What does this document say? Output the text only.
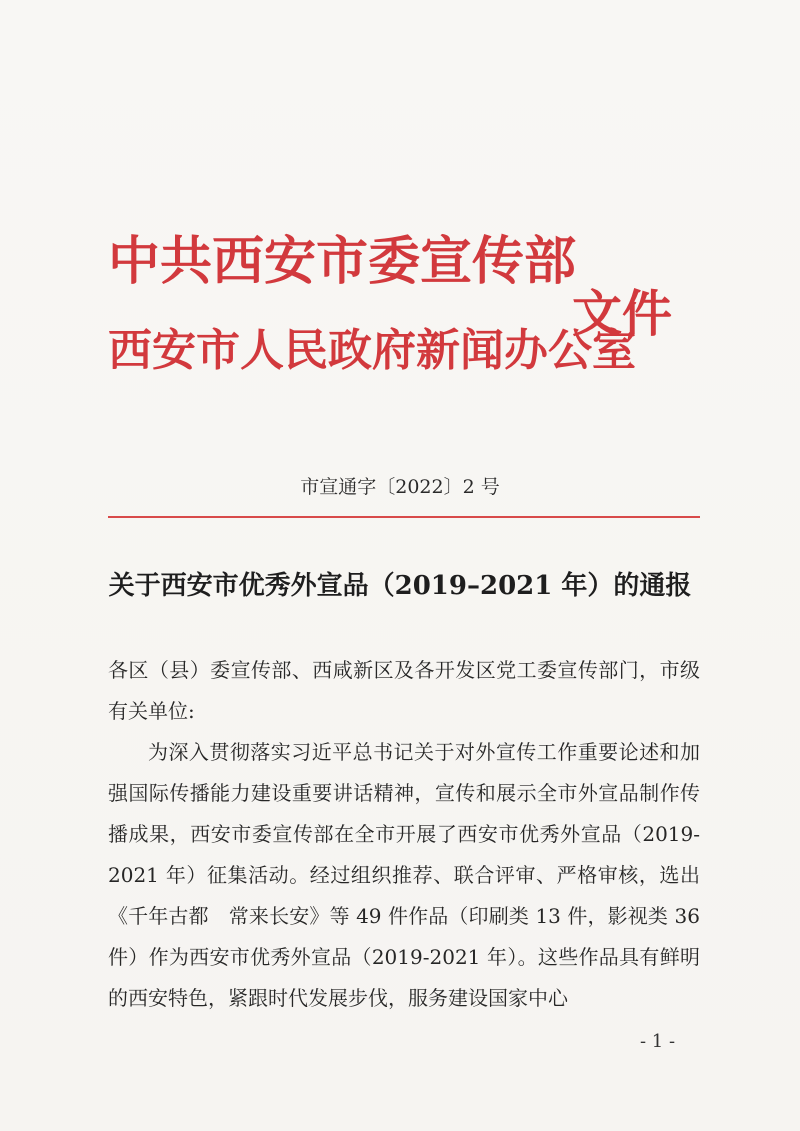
中共西安市委宣传部
西安市人民政府新闻办公室
文件
市宣通字〔2022〕2 号
关于西安市优秀外宣品（2019–2021 年）的通报
各区（县）委宣传部、西咸新区及各开发区党工委宣传部门，市级有关单位:
为深入贯彻落实习近平总书记关于对外宣传工作重要论述和加强国际传播能力建设重要讲话精神，宣传和展示全市外宣品制作传播成果，西安市委宣传部在全市开展了西安市优秀外宣品（2019-2021 年）征集活动。经过组织推荐、联合评审、严格审核，选出《千年古都　常来长安》等 49 件作品（印刷类 13 件，影视类 36 件）作为西安市优秀外宣品（2019-2021 年）。这些作品具有鲜明的西安特色，紧跟时代发展步伐，服务建设国家中心
- 1 -
